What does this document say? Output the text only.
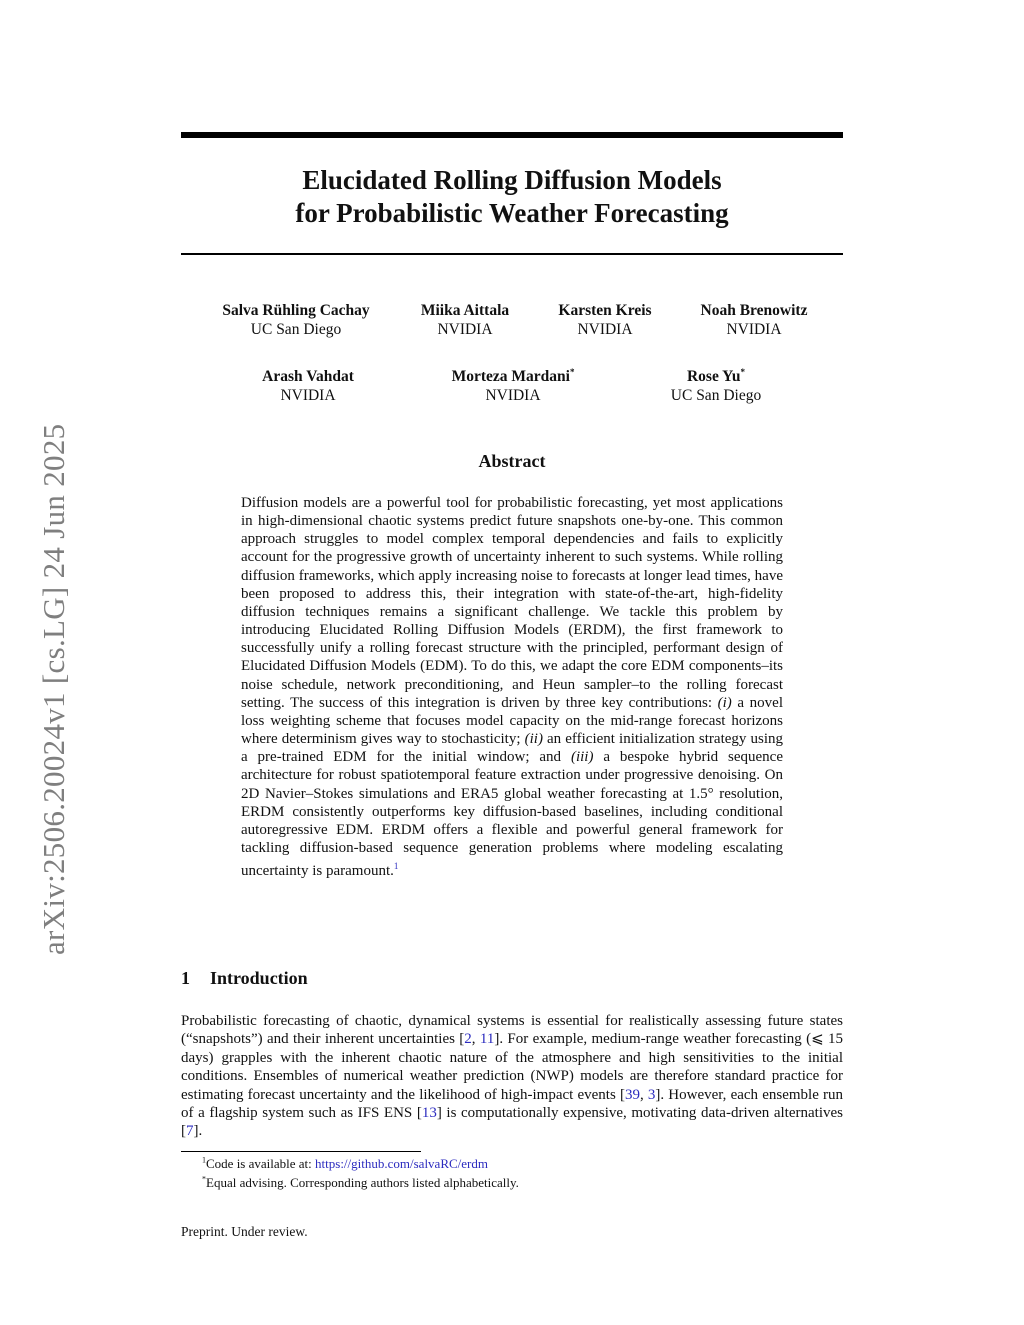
arXiv:2506.20024v1 [cs.LG] 24 Jun 2025
Elucidated Rolling Diffusion Models
for Probabilistic Weather Forecasting
Salva Rühling Cachay
UC San Diego
Miika Aittala
NVIDIA
Karsten Kreis
NVIDIA
Noah Brenowitz
NVIDIA
Arash Vahdat
NVIDIA
Morteza Mardani*
NVIDIA
Rose Yu*
UC San Diego
Abstract
Diffusion models are a powerful tool for probabilistic forecasting, yet most applications in high-dimensional chaotic systems predict future snapshots one-by-one. This common approach struggles to model complex temporal dependencies and fails to explicitly account for the progressive growth of uncertainty inherent to such systems. While rolling diffusion frameworks, which apply increasing noise to forecasts at longer lead times, have been proposed to address this, their integration with state-of-the-art, high-fidelity diffusion techniques remains a significant challenge. We tackle this problem by introducing Elucidated Rolling Diffusion Models (ERDM), the first framework to successfully unify a rolling forecast structure with the principled, performant design of Elucidated Diffusion Models (EDM). To do this, we adapt the core EDM components–its noise schedule, network preconditioning, and Heun sampler–to the rolling forecast setting. The success of this integration is driven by three key contributions: (i) a novel loss weighting scheme that focuses model capacity on the mid-range forecast horizons where determinism gives way to stochasticity; (ii) an efficient initialization strategy using a pre-trained EDM for the initial window; and (iii) a bespoke hybrid sequence architecture for robust spatiotemporal feature extraction under progressive denoising. On 2D Navier–Stokes simulations and ERA5 global weather forecasting at 1.5° resolution, ERDM consistently outperforms key diffusion-based baselines, including conditional autoregressive EDM. ERDM offers a flexible and powerful general framework for tackling diffusion-based sequence generation problems where modeling escalating uncertainty is paramount.$^1$
1 Introduction
Probabilistic forecasting of chaotic, dynamical systems is essential for realistically assessing future states (“snapshots”) and their inherent uncertainties [2, 11]. For example, medium-range weather forecasting (⩽ 15 days) grapples with the inherent chaotic nature of the atmosphere and high sensitivities to the initial conditions. Ensembles of numerical weather prediction (NWP) models are therefore standard practice for estimating forecast uncertainty and the likelihood of high-impact events [39, 3]. However, each ensemble run of a flagship system such as IFS ENS [13] is computationally expensive, motivating data-driven alternatives [7].
$^1$Code is available at: https://github.com/salvaRC/erdm
*Equal advising. Corresponding authors listed alphabetically.
Preprint. Under review.
